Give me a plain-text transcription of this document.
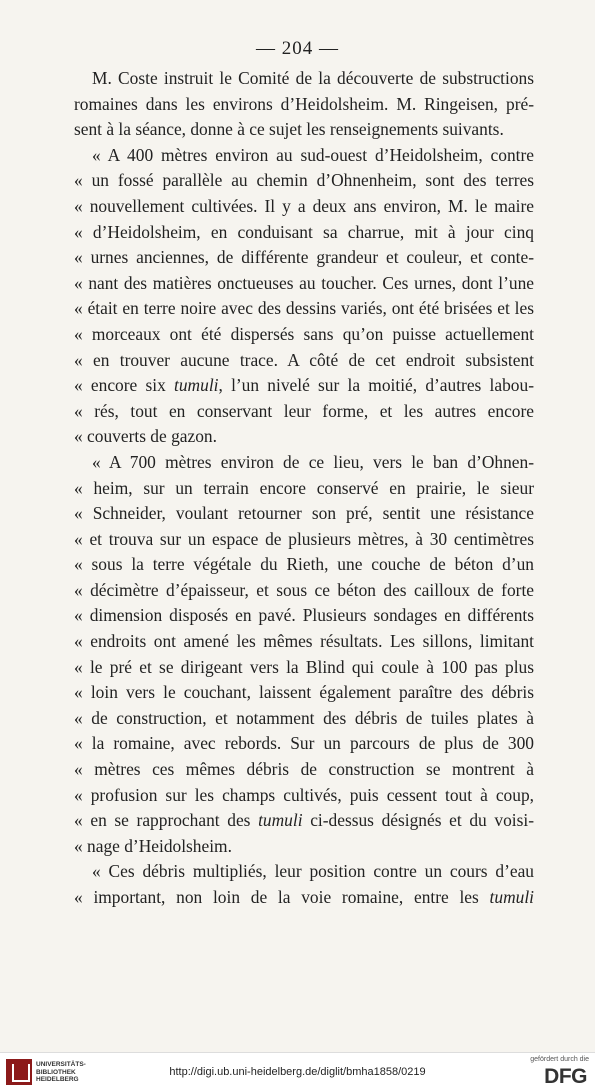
— 204 —
M. Coste instruit le Comité de la découverte de substructions
romaines dans les environs d’Heidolsheim. M. Ringeisen, pré-
sent à la séance, donne à ce sujet les renseignements suivants.
« A 400 mètres environ au sud-ouest d’Heidolsheim, contre
« un fossé parallèle au chemin d’Ohnenheim, sont des terres
« nouvellement cultivées. Il y a deux ans environ, M. le maire
« d’Heidolsheim, en conduisant sa charrue, mit à jour cinq
« urnes anciennes, de différente grandeur et couleur, et conte-
« nant des matières onctueuses au toucher. Ces urnes, dont l’une
« était en terre noire avec des dessins variés, ont été brisées et les
« morceaux ont été dispersés sans qu’on puisse actuellement
« en trouver aucune trace. A côté de cet endroit subsistent
« encore six tumuli, l’un nivelé sur la moitié, d’autres labou-
« rés, tout en conservant leur forme, et les autres encore
« couverts de gazon.
« A 700 mètres environ de ce lieu, vers le ban d’Ohnen-
« heim, sur un terrain encore conservé en prairie, le sieur
« Schneider, voulant retourner son pré, sentit une résistance
« et trouva sur un espace de plusieurs mètres, à 30 centimètres
« sous la terre végétale du Rieth, une couche de béton d’un
« décimètre d’épaisseur, et sous ce béton des cailloux de forte
« dimension disposés en pavé. Plusieurs sondages en différents
« endroits ont amené les mêmes résultats. Les sillons, limitant
« le pré et se dirigeant vers la Blind qui coule à 100 pas plus
« loin vers le couchant, laissent également paraître des débris
« de construction, et notamment des débris de tuiles plates à
« la romaine, avec rebords. Sur un parcours de plus de 300
« mètres ces mêmes débris de construction se montrent à
« profusion sur les champs cultivés, puis cessent tout à coup,
« en se rapprochant des tumuli ci-dessus désignés et du voisi-
« nage d’Heidolsheim.
« Ces débris multipliés, leur position contre un cours d’eau
« important, non loin de la voie romaine, entre les tumuli
UNIVERSITÄTS-
BIBLIOTHEK
HEIDELBERG
http://digi.ub.uni-heidelberg.de/diglit/bmha1858/0219
gefördert durch die
DFG
